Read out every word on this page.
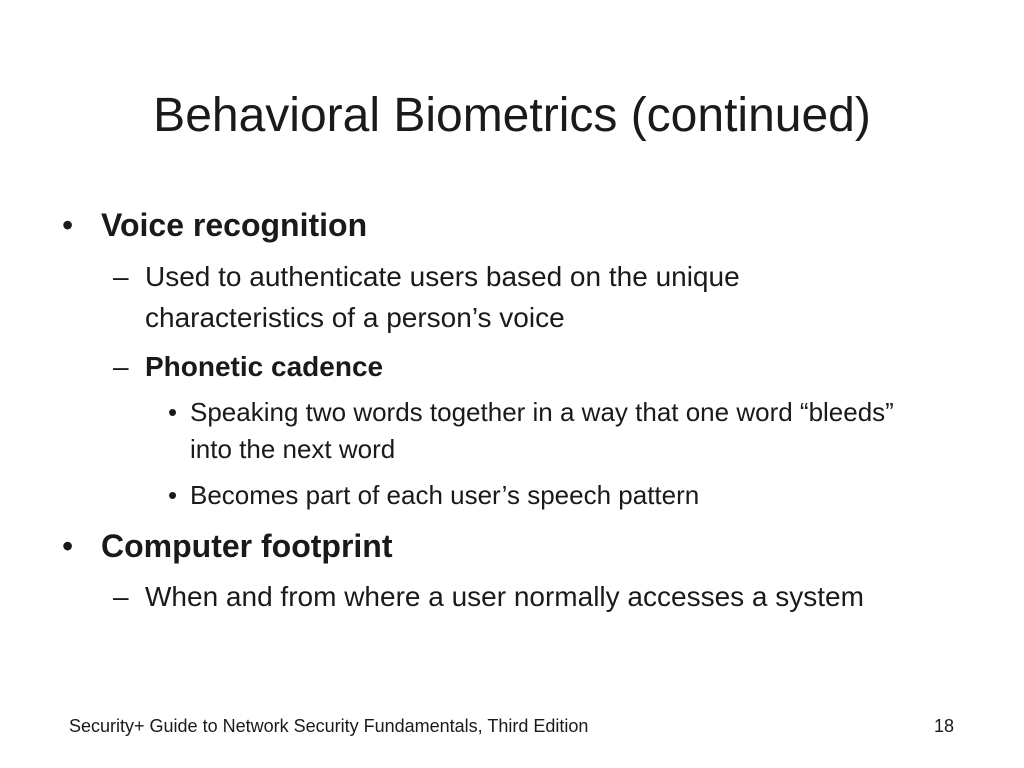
Behavioral Biometrics (continued)
• Voice recognition
– Used to authenticate users based on the unique characteristics of a person’s voice
– Phonetic cadence
• Speaking two words together in a way that one word “bleeds” into the next word
• Becomes part of each user’s speech pattern
• Computer footprint
– When and from where a user normally accesses a system
Security+ Guide to Network Security Fundamentals, Third Edition	18
